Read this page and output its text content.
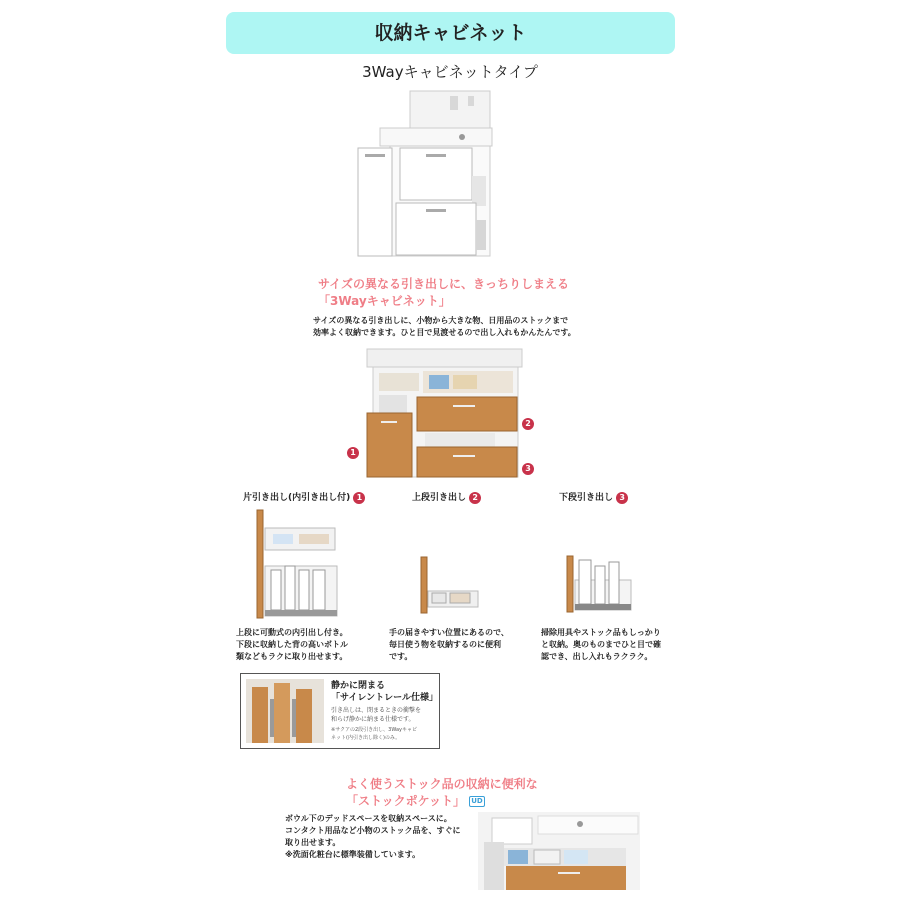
収納キャビネット
3Wayキャビネットタイプ
サイズの異なる引き出しに、きっちりしまえる
「3Wayキャビネット」
サイズの異なる引き出しに、小物から大きな物、日用品のストックまで
効率よく収納できます。ひと目で見渡せるので出し入れもかんたんです。
1
2
3
片引き出し(内引き出し付) 1	上段引き出し 2	下段引き出し 3
上段に可動式の内引出し付き。
下段に収納した背の高いボトル
類などもラクに取り出せます。
手の届きやすい位置にあるので、
毎日使う物を収納するのに便利
です。
掃除用具やストック品もしっかり
と収納。奥のものまでひと目で確
認でき、出し入れもラクラク。
静かに閉まる
「サイレントレール仕様」
引き出しは、閉まるときの衝撃を
和らげ静かに納まる仕様です。
※サクアの2段引き出し、3Wayキャビ
ネット(内引き出し除く)のみ。
よく使うストック品の収納に便利な
「ストックポケット」 UD
ボウル下のデッドスペースを収納スペースに。
コンタクト用品など小物のストック品を、すぐに
取り出せます。
※洗面化粧台に標準装備しています。
